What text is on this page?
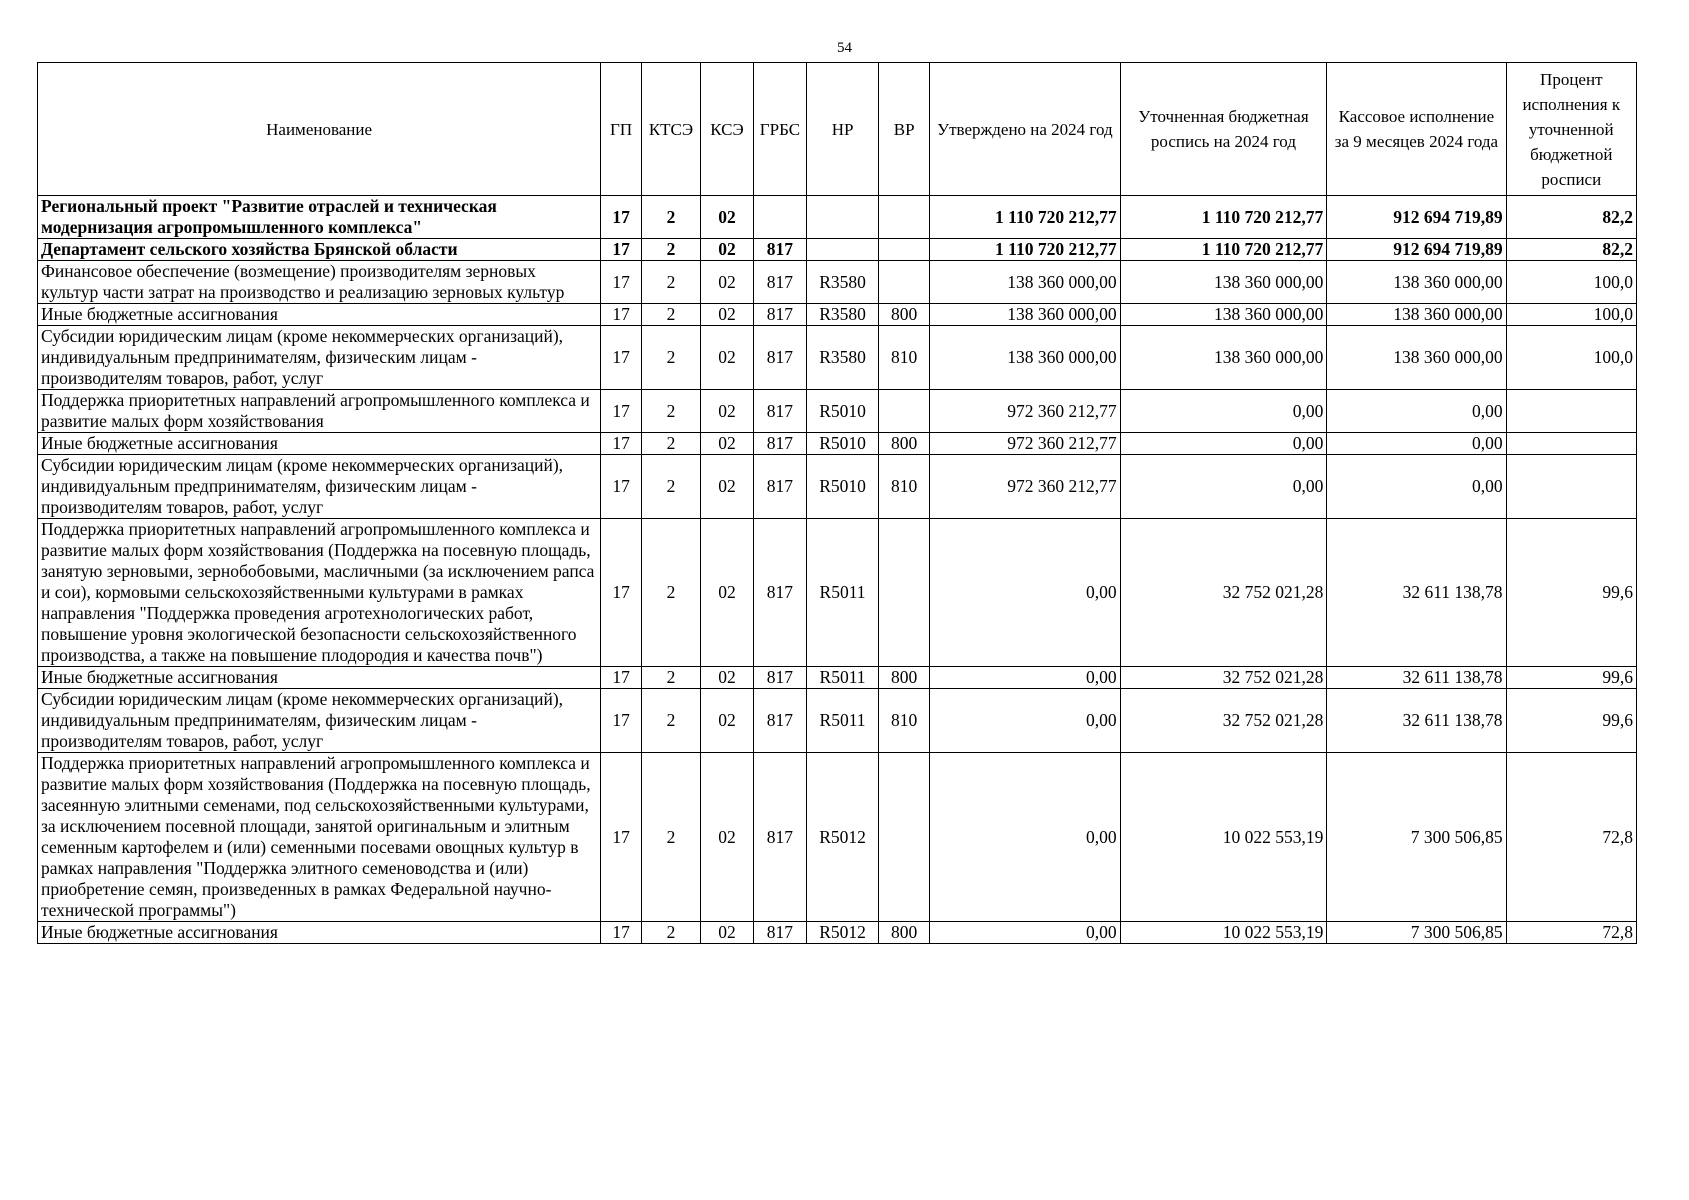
54
Наименование	ГП	КТСЭ	КСЭ	ГРБС	НР	ВР	Утверждено на 2024 год	Уточненная бюджетная роспись на 2024 год	Кассовое исполнение за 9 месяцев 2024 года	Процент исполнения к уточненной бюджетной росписи
Региональный проект "Развитие отраслей и техническая модернизация агропромышленного комплекса"	17	2	02				1 110 720 212,77	1 110 720 212,77	912 694 719,89	82,2
Департамент сельского хозяйства Брянской области	17	2	02	817			1 110 720 212,77	1 110 720 212,77	912 694 719,89	82,2
Финансовое обеспечение (возмещение) производителям зерновых культур части затрат на производство и реализацию зерновых культур	17	2	02	817	R3580		138 360 000,00	138 360 000,00	138 360 000,00	100,0
Иные бюджетные ассигнования	17	2	02	817	R3580	800	138 360 000,00	138 360 000,00	138 360 000,00	100,0
Субсидии юридическим лицам (кроме некоммерческих организаций), индивидуальным предпринимателям, физическим лицам - производителям товаров, работ, услуг	17	2	02	817	R3580	810	138 360 000,00	138 360 000,00	138 360 000,00	100,0
Поддержка приоритетных направлений агропромышленного комплекса и развитие малых форм хозяйствования	17	2	02	817	R5010		972 360 212,77	0,00	0,00	
Иные бюджетные ассигнования	17	2	02	817	R5010	800	972 360 212,77	0,00	0,00	
Субсидии юридическим лицам (кроме некоммерческих организаций), индивидуальным предпринимателям, физическим лицам - производителям товаров, работ, услуг	17	2	02	817	R5010	810	972 360 212,77	0,00	0,00	
Поддержка приоритетных направлений агропромышленного комплекса и развитие малых форм хозяйствования (Поддержка на посевную площадь, занятую зерновыми, зернобобовыми, масличными (за исключением рапса и сои), кормовыми сельскохозяйственными культурами в рамках направления "Поддержка проведения агротехнологических работ, повышение уровня экологической безопасности сельскохозяйственного производства, а также на повышение плодородия и качества почв")	17	2	02	817	R5011		0,00	32 752 021,28	32 611 138,78	99,6
Иные бюджетные ассигнования	17	2	02	817	R5011	800	0,00	32 752 021,28	32 611 138,78	99,6
Субсидии юридическим лицам (кроме некоммерческих организаций), индивидуальным предпринимателям, физическим лицам - производителям товаров, работ, услуг	17	2	02	817	R5011	810	0,00	32 752 021,28	32 611 138,78	99,6
Поддержка приоритетных направлений агропромышленного комплекса и развитие малых форм хозяйствования (Поддержка на посевную площадь, засеянную элитными семенами, под сельскохозяйственными культурами, за исключением посевной площади, занятой оригинальным и элитным семенным картофелем и (или) семенными посевами овощных культур в рамках направления "Поддержка элитного семеноводства и (или) приобретение семян, произведенных в рамках Федеральной научно-технической программы")	17	2	02	817	R5012		0,00	10 022 553,19	7 300 506,85	72,8
Иные бюджетные ассигнования	17	2	02	817	R5012	800	0,00	10 022 553,19	7 300 506,85	72,8
